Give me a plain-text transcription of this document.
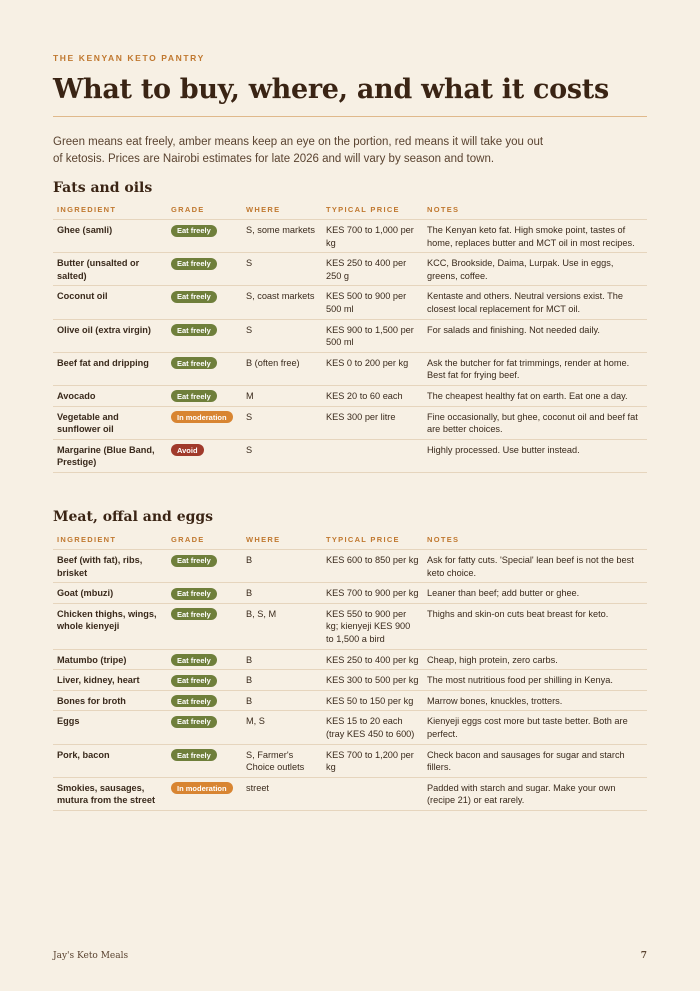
THE KENYAN KETO PANTRY
What to buy, where, and what it costs

Green means eat freely, amber means keep an eye on the portion, red means it will take you out of ketosis. Prices are Nairobi estimates for late 2026 and will vary by season and town.

Fats and oils
INGREDIENT	GRADE	WHERE	TYPICAL PRICE	NOTES
Ghee (samli)	Eat freely	S, some markets	KES 700 to 1,000 per kg	The Kenyan keto fat. High smoke point, tastes of home, replaces butter and MCT oil in most recipes.
Butter (unsalted or salted)	Eat freely	S	KES 250 to 400 per 250 g	KCC, Brookside, Daima, Lurpak. Use in eggs, greens, coffee.
Coconut oil	Eat freely	S, coast markets	KES 500 to 900 per 500 ml	Kentaste and others. Neutral versions exist. The closest local replacement for MCT oil.
Olive oil (extra virgin)	Eat freely	S	KES 900 to 1,500 per 500 ml	For salads and finishing. Not needed daily.
Beef fat and dripping	Eat freely	B (often free)	KES 0 to 200 per kg	Ask the butcher for fat trimmings, render at home. Best fat for frying beef.
Avocado	Eat freely	M	KES 20 to 60 each	The cheapest healthy fat on earth. Eat one a day.
Vegetable and sunflower oil	In moderation	S	KES 300 per litre	Fine occasionally, but ghee, coconut oil and beef fat are better choices.
Margarine (Blue Band, Prestige)	Avoid	S		Highly processed. Use butter instead.
Meat, offal and eggs
INGREDIENT	GRADE	WHERE	TYPICAL PRICE	NOTES
Beef (with fat), ribs, brisket	Eat freely	B	KES 600 to 850 per kg	Ask for fatty cuts. 'Special' lean beef is not the best keto choice.
Goat (mbuzi)	Eat freely	B	KES 700 to 900 per kg	Leaner than beef; add butter or ghee.
Chicken thighs, wings, whole kienyeji	Eat freely	B, S, M	KES 550 to 900 per kg; kienyeji KES 900 to 1,500 a bird	Thighs and skin-on cuts beat breast for keto.
Matumbo (tripe)	Eat freely	B	KES 250 to 400 per kg	Cheap, high protein, zero carbs.
Liver, kidney, heart	Eat freely	B	KES 300 to 500 per kg	The most nutritious food per shilling in Kenya.
Bones for broth	Eat freely	B	KES 50 to 150 per kg	Marrow bones, knuckles, trotters.
Eggs	Eat freely	M, S	KES 15 to 20 each (tray KES 450 to 600)	Kienyeji eggs cost more but taste better. Both are perfect.
Pork, bacon	Eat freely	S, Farmer's Choice outlets	KES 700 to 1,200 per kg	Check bacon and sausages for sugar and starch fillers.
Smokies, sausages, mutura from the street	In moderation	street		Padded with starch and sugar. Make your own (recipe 21) or eat rarely.
Jay's Keto Meals	7
